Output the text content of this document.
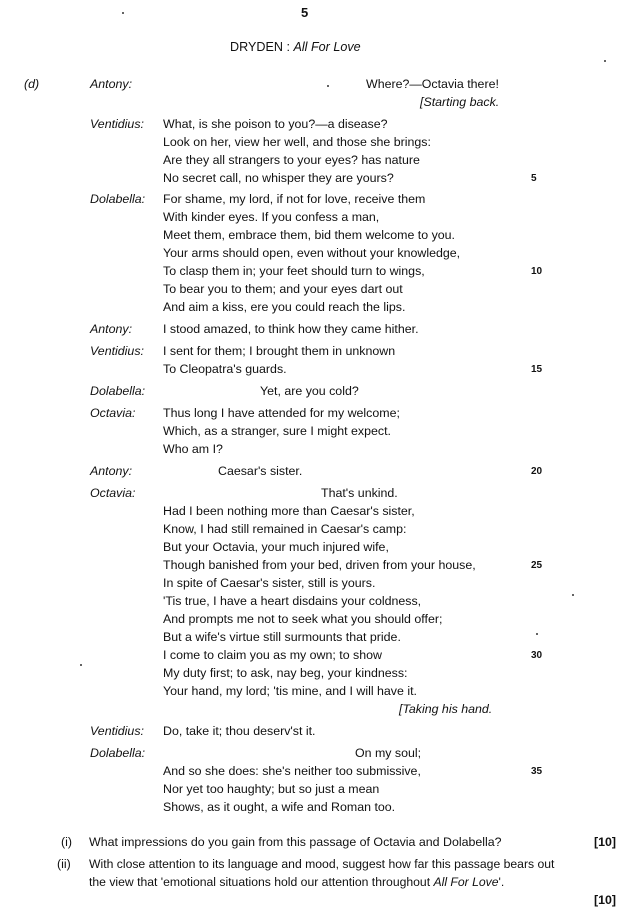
5
DRYDEN : All For Love
(d)	Antony:	Where?—Octavia there!
[Starting back.
Ventidius: What, is she poison to you?—a disease?
Look on her, view her well, and those she brings:
Are they all strangers to your eyes? has nature
No secret call, no whisper they are yours?	5
Dolabella: For shame, my lord, if not for love, receive them
With kinder eyes. If you confess a man,
Meet them, embrace them, bid them welcome to you.
Your arms should open, even without your knowledge,
To clasp them in; your feet should turn to wings,	10
To bear you to them; and your eyes dart out
And aim a kiss, ere you could reach the lips.
Antony: I stood amazed, to think how they came hither.
Ventidius: I sent for them; I brought them in unknown
To Cleopatra's guards.	15
Dolabella:	Yet, are you cold?
Octavia: Thus long I have attended for my welcome;
Which, as a stranger, sure I might expect.
Who am I?
Antony:	Caesar's sister.	20
Octavia:	That's unkind.
Had I been nothing more than Caesar's sister,
Know, I had still remained in Caesar's camp:
But your Octavia, your much injured wife,
Though banished from your bed, driven from your house,	25
In spite of Caesar's sister, still is yours.
'Tis true, I have a heart disdains your coldness,
And prompts me not to seek what you should offer;
But a wife's virtue still surmounts that pride.
I come to claim you as my own; to show	30
My duty first; to ask, nay beg, your kindness:
Your hand, my lord; 'tis mine, and I will have it.
[Taking his hand.
Ventidius: Do, take it; thou deserv'st it.
Dolabella:	On my soul;
And so she does: she's neither too submissive,	35
Nor yet too haughty; but so just a mean
Shows, as it ought, a wife and Roman too.
(i) What impressions do you gain from this passage of Octavia and Dolabella?	[10]
(ii) With close attention to its language and mood, suggest how far this passage bears out
the view that 'emotional situations hold our attention throughout All For Love'.
[10]
